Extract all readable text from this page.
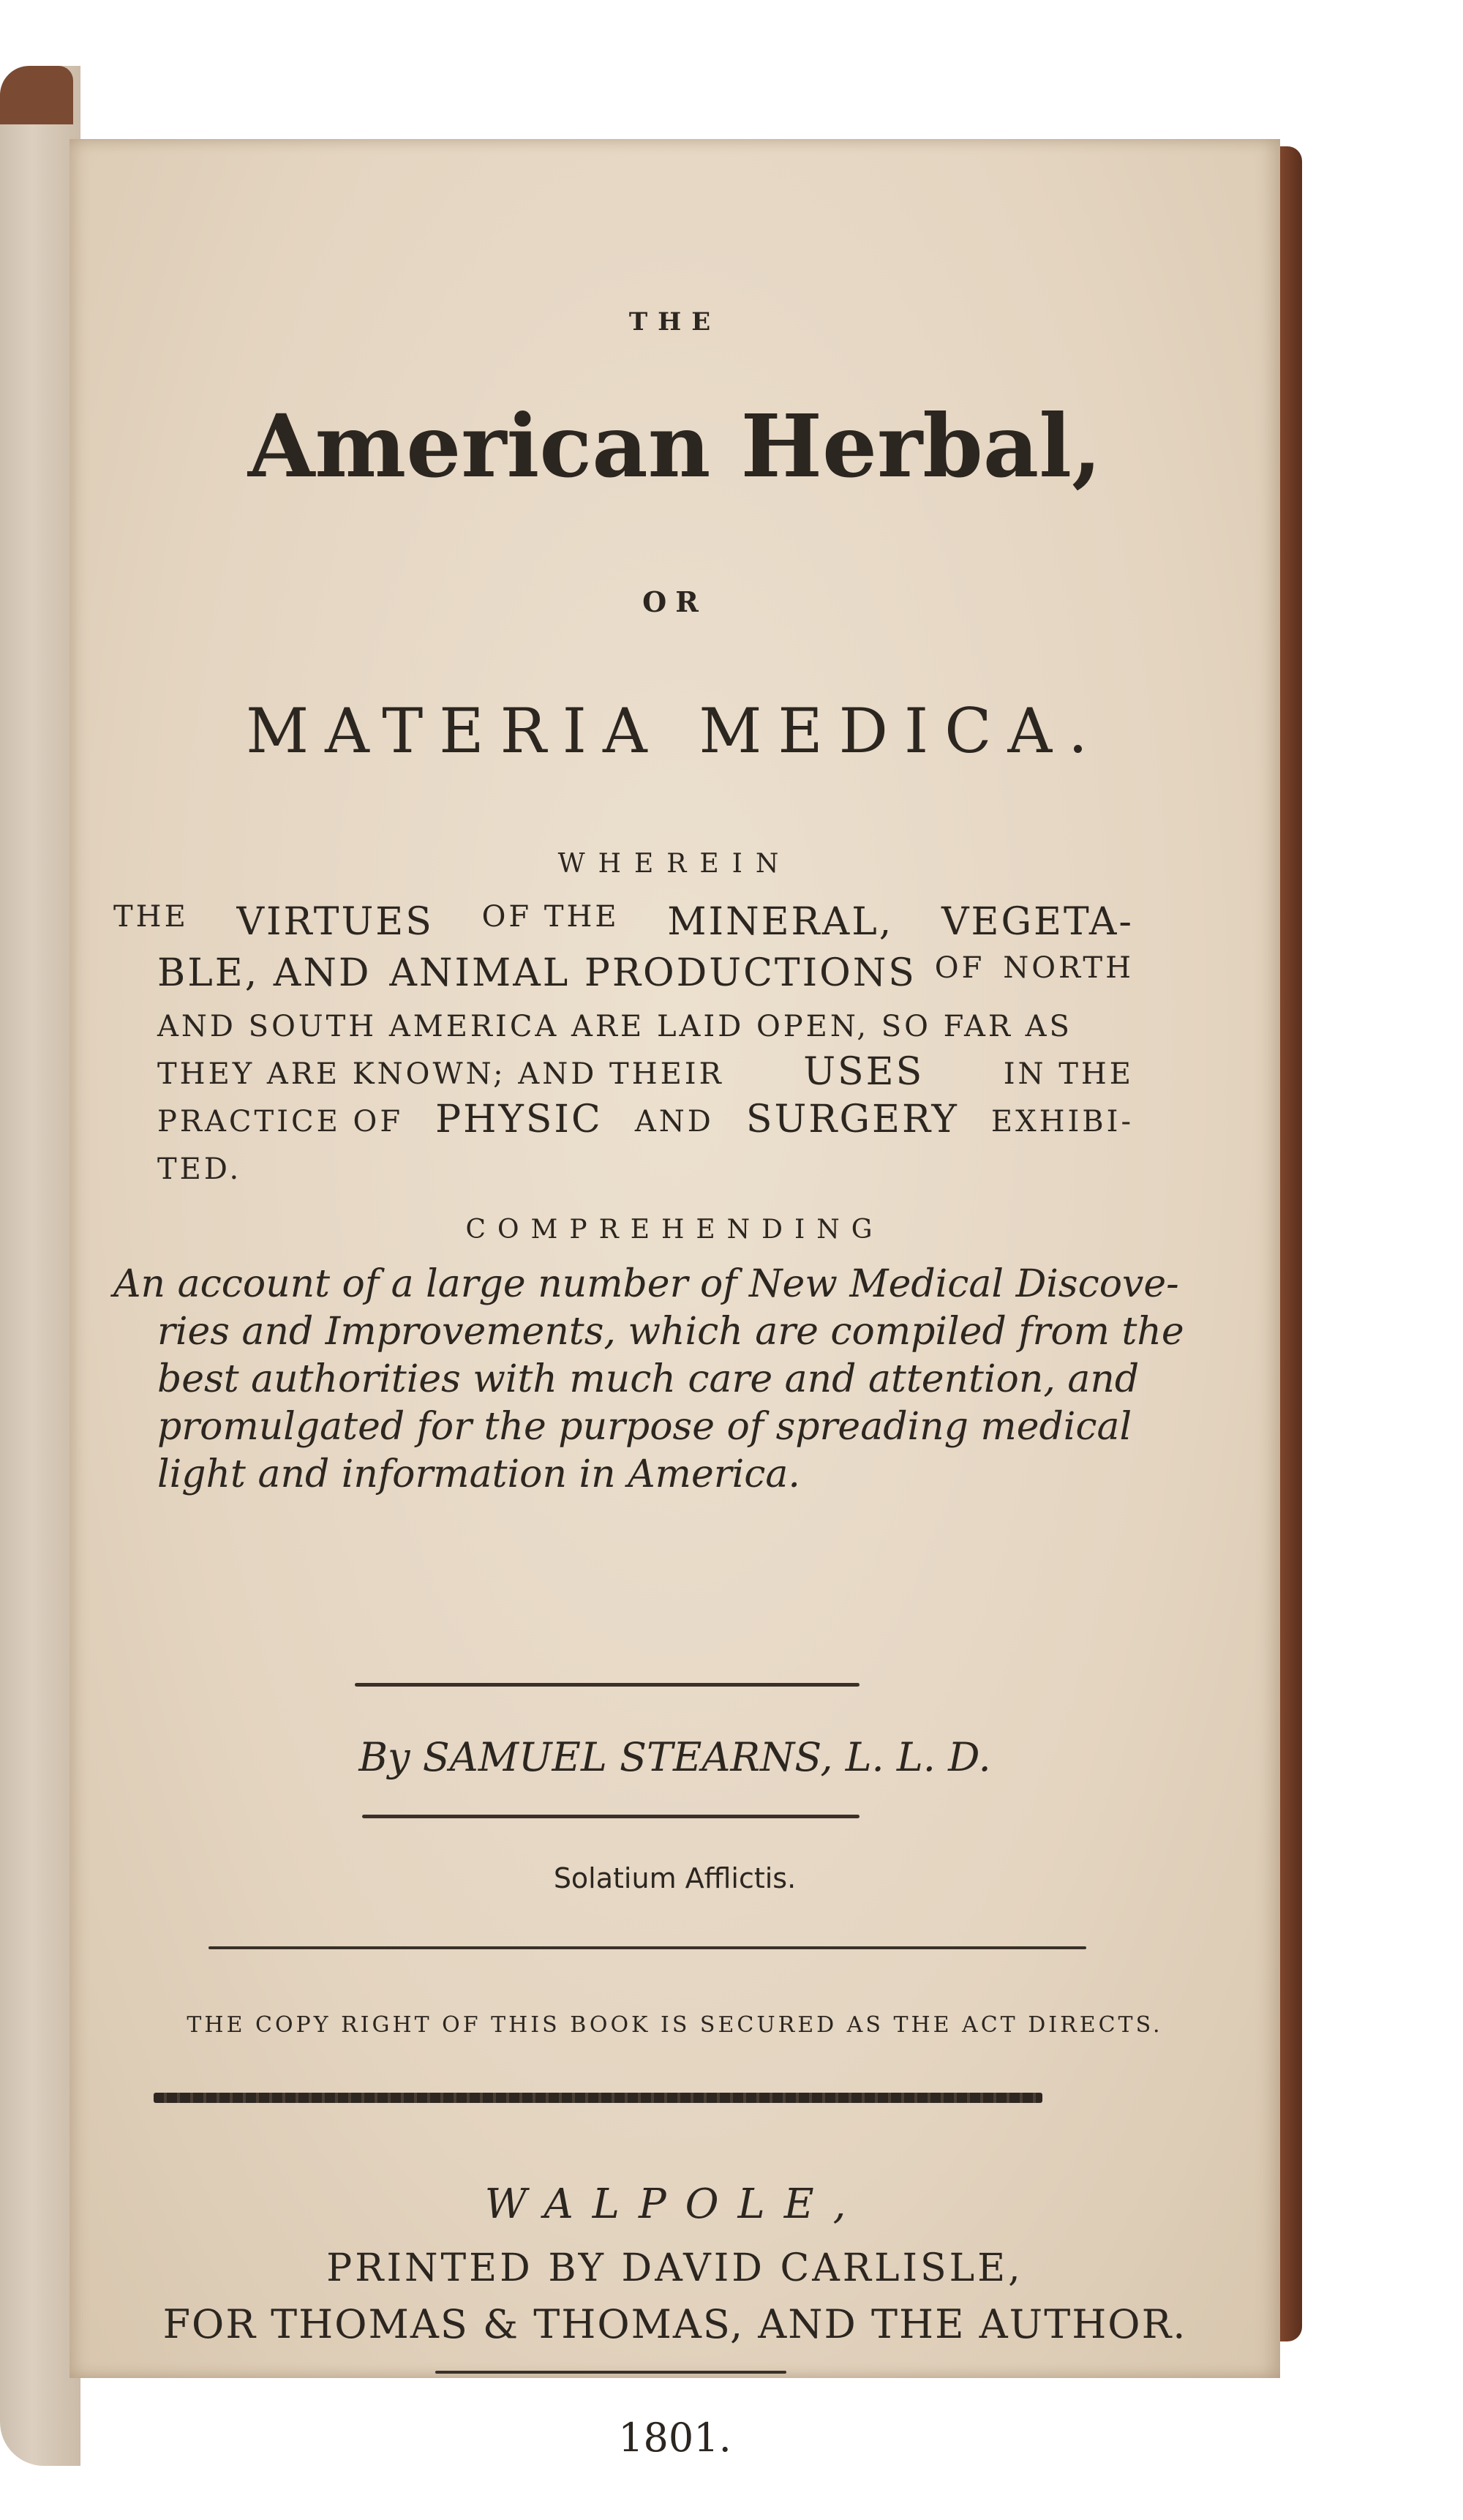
THE
American Herbal,
OR
MATERIA MEDICA.
WHEREIN
THE VIRTUES OF THE MINERAL, VEGETA-
BLE, AND ANIMAL PRODUCTIONS OF NORTH
AND SOUTH AMERICA ARE LAID OPEN, SO FAR AS
THEY ARE KNOWN; AND THEIR USES	IN THE
PRACTICE OF PHYSIC AND SURGERY EXHIBI-
TED.
COMPREHENDING
An account of a large number of New Medical Discove-
ries and Improvements, which are compiled from the
best authorities with much care and attention, and
promulgated for the purpose of spreading medical
light and information in America.
By SAMUEL STEARNS, L. L. D.
Solatium Afflictis.
THE COPY RIGHT OF THIS BOOK IS SECURED AS THE ACT DIRECTS.
WALPOLE,
PRINTED BY DAVID CARLISLE,
FOR THOMAS & THOMAS, AND THE AUTHOR.
1801.
